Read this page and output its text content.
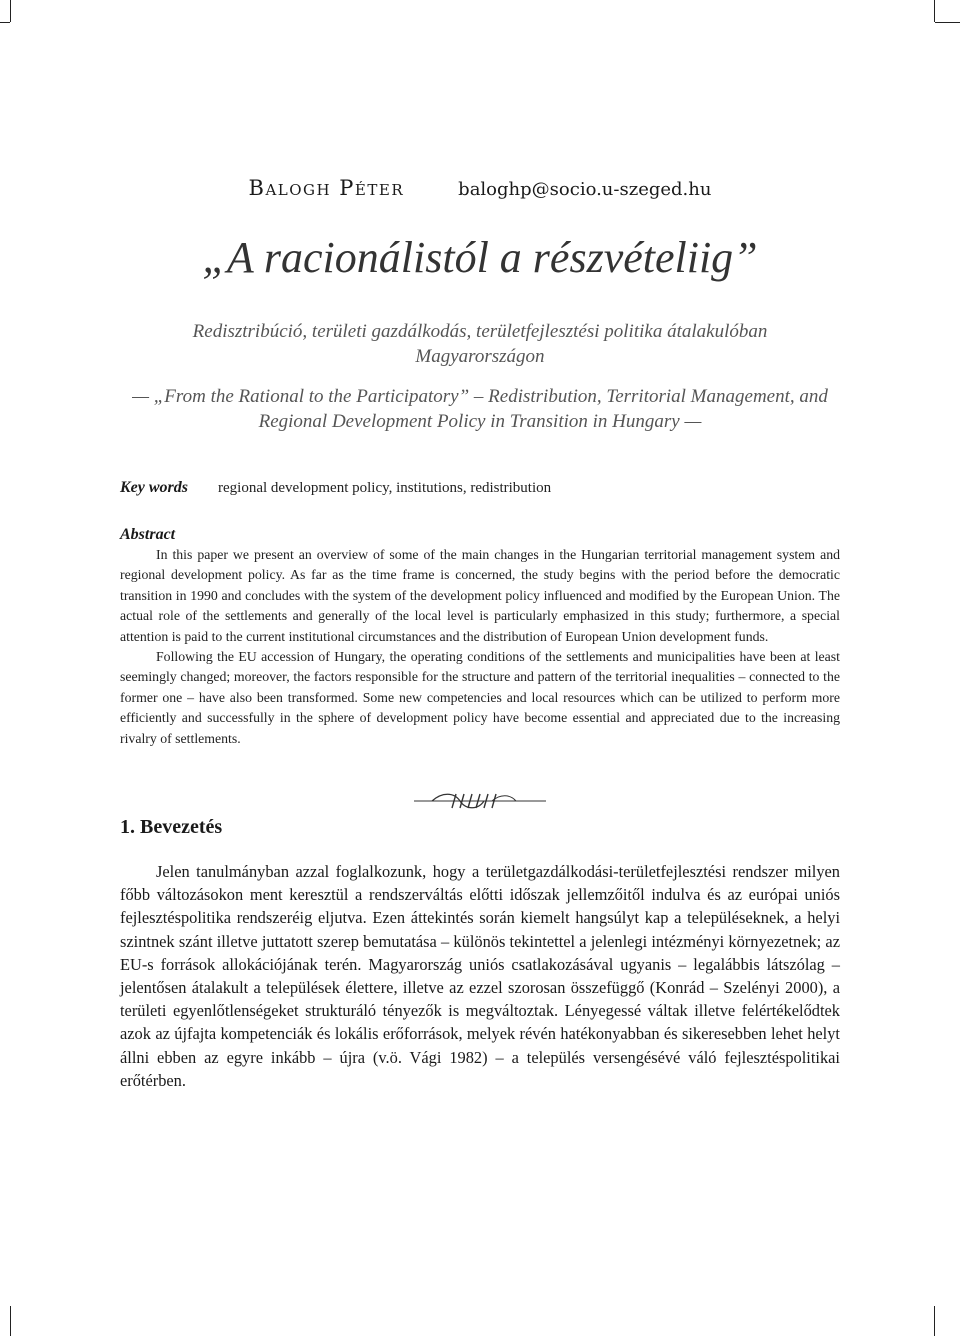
Balogh Péter	baloghp@socio.u-szeged.hu
„A racionálistól a részvételiig”
Redisztribúció, területi gazdálkodás, területfejlesztési politika átalakulóban Magyarországon
— „From the Rational to the Participatory” – Redistribution, Territorial Management, and Regional Development Policy in Transition in Hungary —
Key words regional development policy, institutions, redistribution
Abstract

In this paper we present an overview of some of the main changes in the Hungarian territorial management system and regional development policy. As far as the time frame is concerned, the study begins with the period before the democratic transition in 1990 and concludes with the system of the development policy influenced and modified by the European Union. The actual role of the settlements and generally of the local level is particularly emphasized in this study; furthermore, a special attention is paid to the current institutional circumstances and the distribution of European Union development funds.

Following the EU accession of Hungary, the operating conditions of the settlements and municipalities have been at least seemingly changed; moreover, the factors responsible for the structure and pattern of the territorial inequalities – connected to the former one – have also been transformed. Some new competencies and local resources which can be utilized to perform more efficiently and successfully in the sphere of development policy have become essential and appreciated due to the increasing rivalry of settlements.

1. Bevezetés

Jelen tanulmányban azzal foglalkozunk, hogy a területgazdálkodási-területfejlesztési rendszer milyen főbb változásokon ment keresztül a rendszerváltás előtti időszak jellemzőitől indulva és az európai uniós fejlesztéspolitika rendszeréig eljutva. Ezen áttekintés során kiemelt hangsúlyt kap a településeknek, a helyi szintnek szánt illetve juttatott szerep bemutatása – különös tekintettel a jelenlegi intézményi környezetnek; az EU-s források allokációjának terén. Magyarország uniós csatlakozásával ugyanis – legalábbis látszólag – jelentősen átalakult a települések élettere, illetve az ezzel szorosan összefüggő (Konrád – Szelényi 2000), a területi egyenlőtlenségeket strukturáló tényezők is megváltoztak. Lényegessé váltak illetve felértékelődtek azok az újfajta kompetenciák és lokális erőforrások, melyek révén hatékonyabban és sikeresebben lehet helyt állni ebben az egyre inkább – újra (v.ö. Vági 1982) – a település versengésévé váló fejlesztéspolitikai erőtérben.
